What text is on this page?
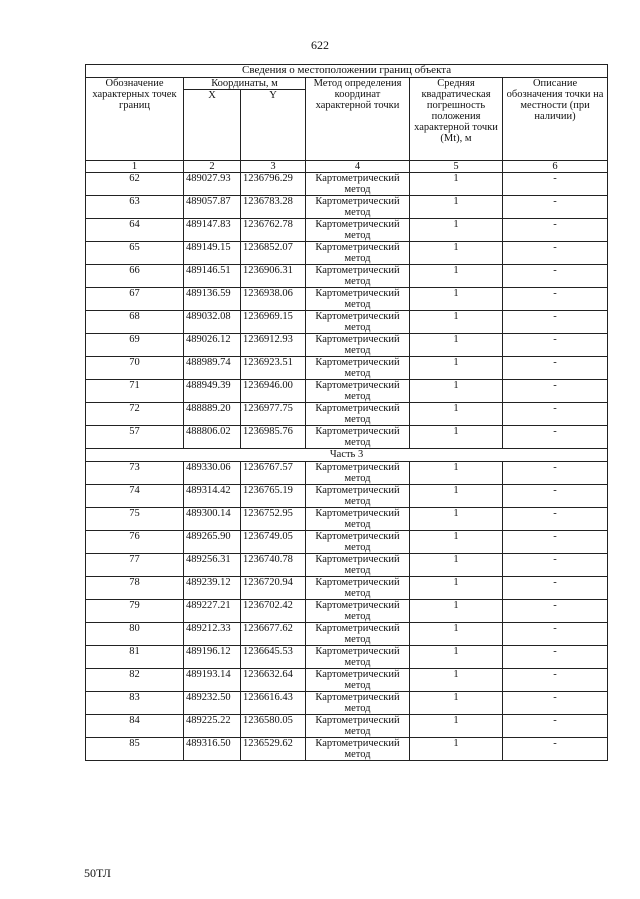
622
Сведения о местоположении границ объекта					
Обозначение характерных точек границ	Координаты, м		Метод определения координат характерной точки	Средняя квадратическая погрешность положения характерной точки (Mt), м	Описание обозначения точки на местности (при наличии)
	X	Y			
1	2	3	4	5	6
62	489027.93	1236796.29	Картометрический метод	1	-
63	489057.87	1236783.28	Картометрический метод	1	-
64	489147.83	1236762.78	Картометрический метод	1	-
65	489149.15	1236852.07	Картометрический метод	1	-
66	489146.51	1236906.31	Картометрический метод	1	-
67	489136.59	1236938.06	Картометрический метод	1	-
68	489032.08	1236969.15	Картометрический метод	1	-
69	489026.12	1236912.93	Картометрический метод	1	-
70	488989.74	1236923.51	Картометрический метод	1	-
71	488949.39	1236946.00	Картометрический метод	1	-
72	488889.20	1236977.75	Картометрический метод	1	-
57	488806.02	1236985.76	Картометрический метод	1	-
Часть 3					
73	489330.06	1236767.57	Картометрический метод	1	-
74	489314.42	1236765.19	Картометрический метод	1	-
75	489300.14	1236752.95	Картометрический метод	1	-
76	489265.90	1236749.05	Картометрический метод	1	-
77	489256.31	1236740.78	Картометрический метод	1	-
78	489239.12	1236720.94	Картометрический метод	1	-
79	489227.21	1236702.42	Картометрический метод	1	-
80	489212.33	1236677.62	Картометрический метод	1	-
81	489196.12	1236645.53	Картометрический метод	1	-
82	489193.14	1236632.64	Картометрический метод	1	-
83	489232.50	1236616.43	Картометрический метод	1	-
84	489225.22	1236580.05	Картометрический метод	1	-
85	489316.50	1236529.62	Картометрический метод	1	-
50ТЛ
